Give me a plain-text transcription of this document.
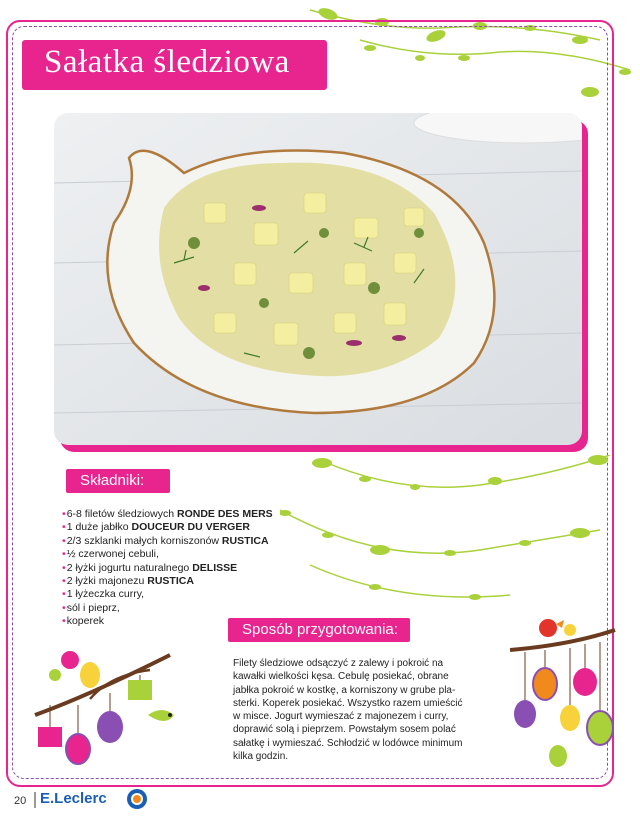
Sałatka śledziowa
Składniki:
• 6-8 filetów śledziowych RONDE DES MERS
• 1 duże jabłko DOUCEUR DU VERGER
• 2/3 szklanki małych korniszonów RUSTICA
• ½ czerwonej cebuli,
• 2 łyżki jogurtu naturalnego DELISSE
• 2 łyżki majonezu RUSTICA
• 1 łyżeczka curry,
• sól i pieprz,
• koperek	Sposób przygotowania:

Filety śledziowe odsączyć z zalewy i pokroić na
kawałki wielkości kęsa. Cebulę posiekać, obrane
jabłka pokroić w kostkę, a korniszony w grube pla-
sterki. Koperek posiekać. Wszystko razem umieścić
w misce. Jogurt wymieszać z majonezem i curry,
doprawić solą i pieprzem. Powstałym sosem polać
sałatkę i wymieszać. Schłodzić w lodówce minimum
kilka godzin.

20 E.Leclerc
